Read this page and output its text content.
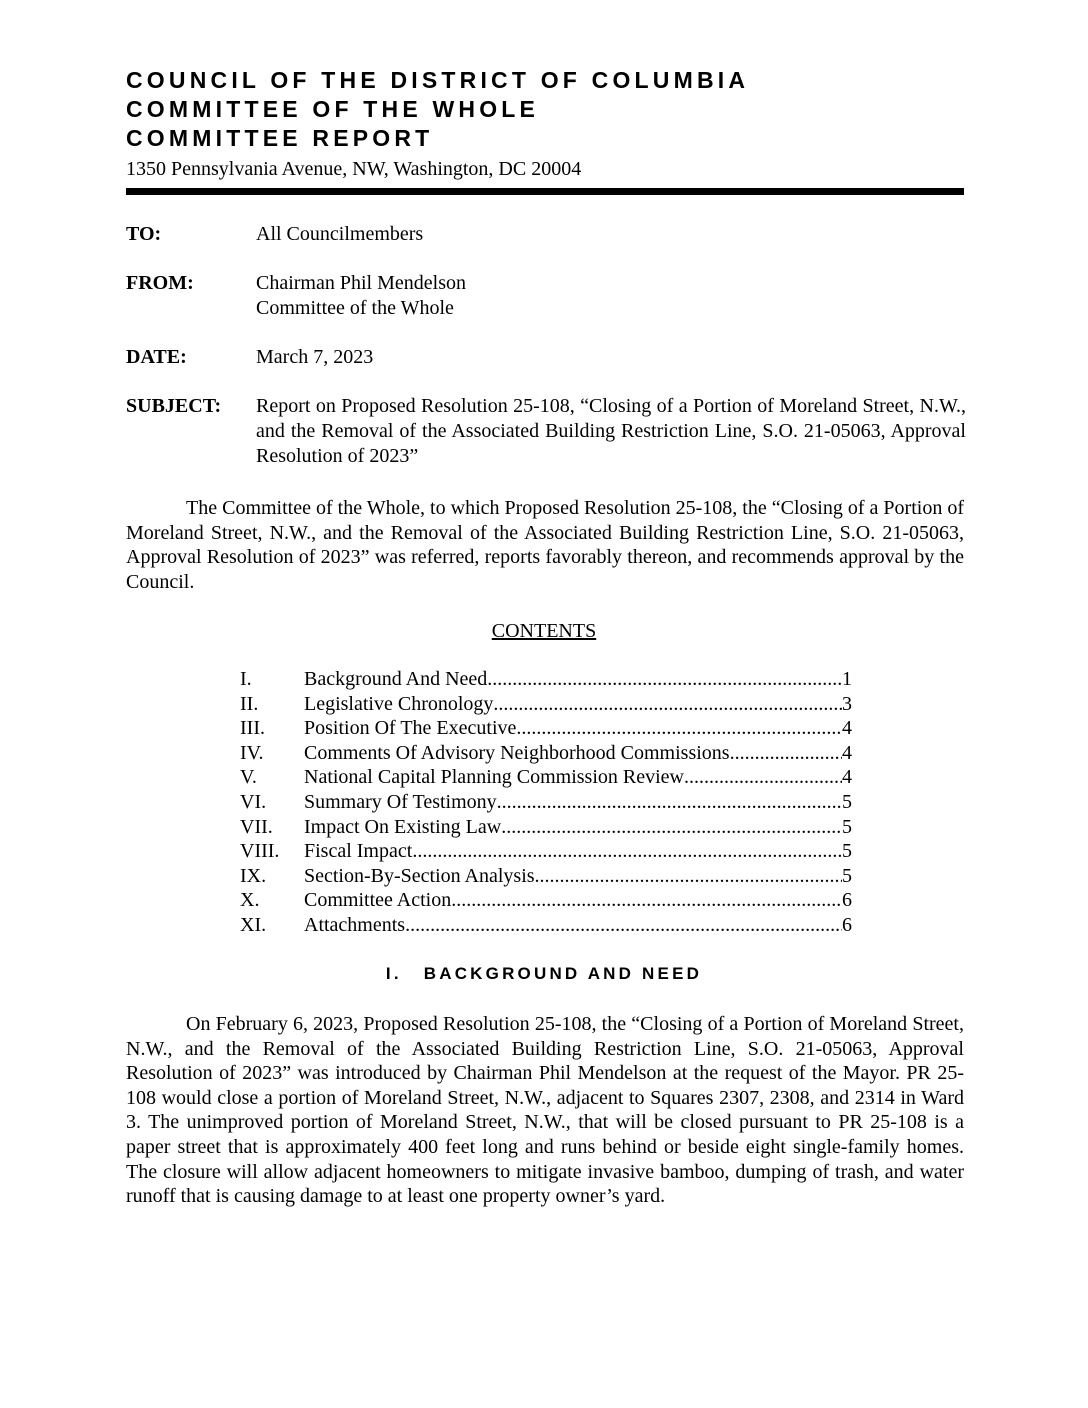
COUNCIL OF THE DISTRICT OF COLUMBIA
COMMITTEE OF THE WHOLE
COMMITTEE REPORT
1350 Pennsylvania Avenue, NW, Washington, DC 20004
TO:	All Councilmembers
FROM:	Chairman Phil Mendelson
Committee of the Whole
DATE:	March 7, 2023
SUBJECT:	Report on Proposed Resolution 25-108, “Closing of a Portion of Moreland Street, N.W., and the Removal of the Associated Building Restriction Line, S.O. 21-05063, Approval Resolution of 2023”

The Committee of the Whole, to which Proposed Resolution 25-108, the “Closing of a Portion of Moreland Street, N.W., and the Removal of the Associated Building Restriction Line, S.O. 21-05063, Approval Resolution of 2023” was referred, reports favorably thereon, and recommends approval by the Council.

CONTENTS
I.	Background And Need .....	1
II.	Legislative Chronology .....	3
III.	Position Of The Executive .....	4
IV.	Comments Of Advisory Neighborhood Commissions .....	4
V.	National Capital Planning Commission Review .....	4
VI.	Summary Of Testimony .....	5
VII.	Impact On Existing Law .....	5
VIII.	Fiscal Impact .....	5
IX.	Section-By-Section Analysis .....	5
X.	Committee Action .....	6
XI.	Attachments .....	6
I. BACKGROUND AND NEED

On February 6, 2023, Proposed Resolution 25-108, the “Closing of a Portion of Moreland Street, N.W., and the Removal of the Associated Building Restriction Line, S.O. 21-05063, Approval Resolution of 2023” was introduced by Chairman Phil Mendelson at the request of the Mayor. PR 25-108 would close a portion of Moreland Street, N.W., adjacent to Squares 2307, 2308, and 2314 in Ward 3. The unimproved portion of Moreland Street, N.W., that will be closed pursuant to PR 25-108 is a paper street that is approximately 400 feet long and runs behind or beside eight single-family homes. The closure will allow adjacent homeowners to mitigate invasive bamboo, dumping of trash, and water runoff that is causing damage to at least one property owner’s yard.
